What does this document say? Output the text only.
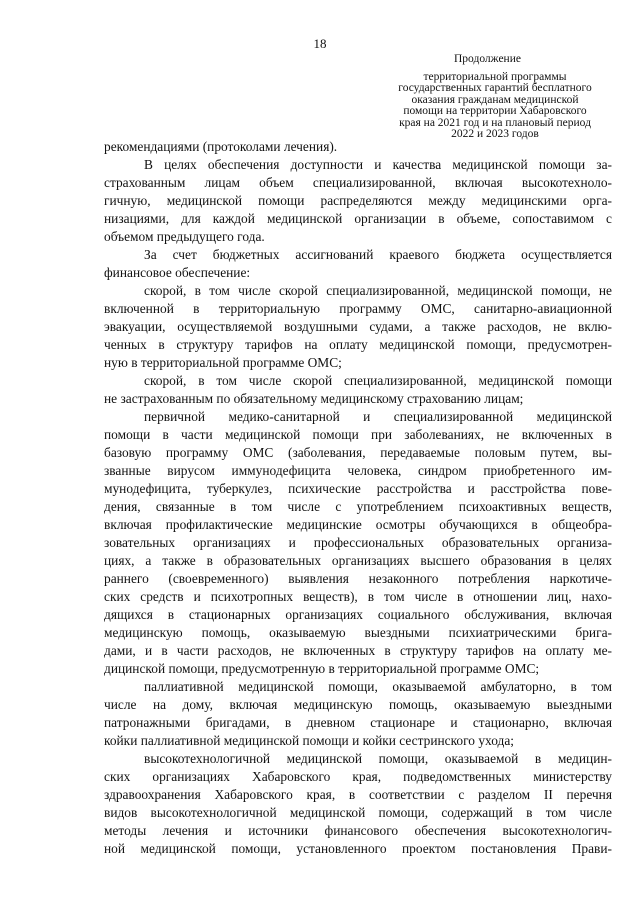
18
Продолжение
территориальной программы
государственных гарантий бесплатного
оказания гражданам медицинской
помощи на территории Хабаровского
края на 2021 год и на плановый период
2022 и 2023 годов
рекомендациями (протоколами лечения).
В целях обеспечения доступности и качества медицинской помощи за-
страхованным лицам объем специализированной, включая высокотехноло-
гичную, медицинской помощи распределяются между медицинскими орга-
низациями, для каждой медицинской организации в объеме, сопоставимом с
объемом предыдущего года.
За счет бюджетных ассигнований краевого бюджета осуществляется
финансовое обеспечение:
скорой, в том числе скорой специализированной, медицинской помощи, не
включенной в территориальную программу ОМС, санитарно-авиационной
эвакуации, осуществляемой воздушными судами, а также расходов, не вклю-
ченных в структуру тарифов на оплату медицинской помощи, предусмотрен-
ную в территориальной программе ОМС;
скорой, в том числе скорой специализированной, медицинской помощи
не застрахованным по обязательному медицинскому страхованию лицам;
первичной медико-санитарной и специализированной медицинской
помощи в части медицинской помощи при заболеваниях, не включенных в
базовую программу ОМС (заболевания, передаваемые половым путем, вы-
званные вирусом иммунодефицита человека, синдром приобретенного им-
мунодефицита, туберкулез, психические расстройства и расстройства пове-
дения, связанные в том числе с употреблением психоактивных веществ,
включая профилактические медицинские осмотры обучающихся в общеобра-
зовательных организациях и профессиональных образовательных организа-
циях, а также в образовательных организациях высшего образования в целях
раннего (своевременного) выявления незаконного потребления наркотиче-
ских средств и психотропных веществ), в том числе в отношении лиц, нахо-
дящихся в стационарных организациях социального обслуживания, включая
медицинскую помощь, оказываемую выездными психиатрическими брига-
дами, и в части расходов, не включенных в структуру тарифов на оплату ме-
дицинской помощи, предусмотренную в территориальной программе ОМС;
паллиативной медицинской помощи, оказываемой амбулаторно, в том
числе на дому, включая медицинскую помощь, оказываемую выездными
патронажными бригадами, в дневном стационаре и стационарно, включая
койки паллиативной медицинской помощи и койки сестринского ухода;
высокотехнологичной медицинской помощи, оказываемой в медицин-
ских организациях Хабаровского края, подведомственных министерству
здравоохранения Хабаровского края, в соответствии с разделом II перечня
видов высокотехнологичной медицинской помощи, содержащий в том числе
методы лечения и источники финансового обеспечения высокотехнологич-
ной медицинской помощи, установленного проектом постановления Прави-
